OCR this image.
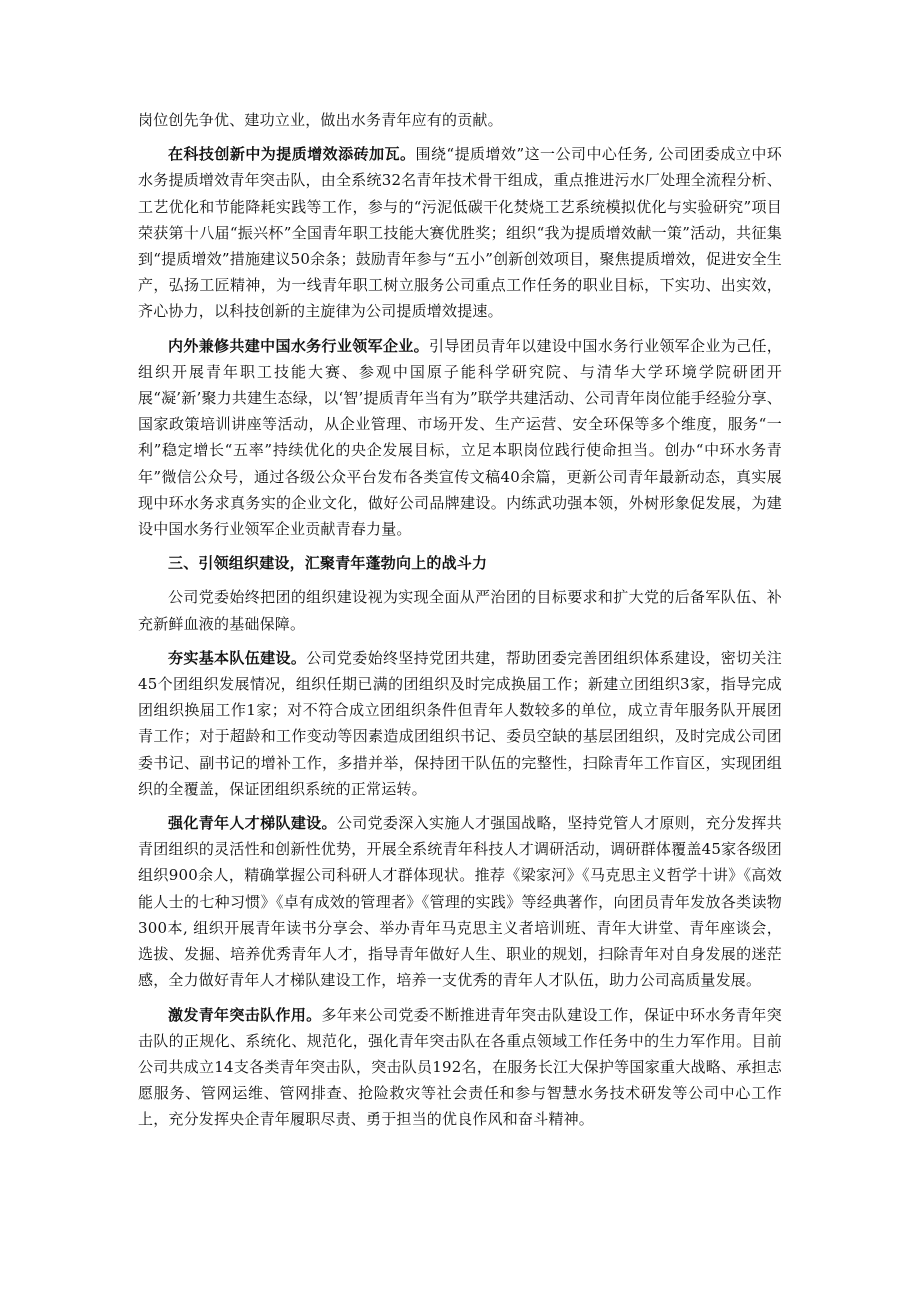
岗位创先争优、建功立业，做出水务青年应有的贡献。

在科技创新中为提质增效添砖加瓦。围绕“提质增效”这一公司中心任务, 公司团委成立中环水务提质增效青年突击队，由全系统32名青年技术骨干组成，重点推进污水厂处理全流程分析、工艺优化和节能降耗实践等工作，参与的“污泥低碳干化焚烧工艺系统模拟优化与实验研究”项目荣获第十八届“振兴杯”全国青年职工技能大赛优胜奖；组织“我为提质增效献一策”活动，共征集到“提质增效”措施建议50余条；鼓励青年参与“五小”创新创效项目，聚焦提质增效，促进安全生产，弘扬工匠精神，为一线青年职工树立服务公司重点工作任务的职业目标，下实功、出实效，齐心协力，以科技创新的主旋律为公司提质增效提速。

内外兼修共建中国水务行业领军企业。引导团员青年以建设中国水务行业领军企业为己任，组织开展青年职工技能大赛、参观中国原子能科学研究院、与清华大学环境学院研团开展“凝’新’聚力共建生态绿，以‘智’提质青年当有为”联学共建活动、公司青年岗位能手经验分享、国家政策培训讲座等活动，从企业管理、市场开发、生产运营、安全环保等多个维度，服务“一利”稳定增长“五率”持续优化的央企发展目标，立足本职岗位践行使命担当。创办“中环水务青年”微信公众号，通过各级公众平台发布各类宣传文稿40余篇，更新公司青年最新动态，真实展现中环水务求真务实的企业文化，做好公司品牌建设。内练武功强本领，外树形象促发展，为建设中国水务行业领军企业贡献青春力量。

三、引领组织建设，汇聚青年蓬勃向上的战斗力

公司党委始终把团的组织建设视为实现全面从严治团的目标要求和扩大党的后备军队伍、补充新鲜血液的基础保障。

夯实基本队伍建设。公司党委始终坚持党团共建，帮助团委完善团组织体系建设，密切关注45个团组织发展情况，组织任期已满的团组织及时完成换届工作；新建立团组织3家，指导完成团组织换届工作1家；对不符合成立团组织条件但青年人数较多的单位，成立青年服务队开展团青工作；对于超龄和工作变动等因素造成团组织书记、委员空缺的基层团组织，及时完成公司团委书记、副书记的增补工作，多措并举，保持团干队伍的完整性，扫除青年工作盲区，实现团组织的全覆盖，保证团组织系统的正常运转。

强化青年人才梯队建设。公司党委深入实施人才强国战略，坚持党管人才原则，充分发挥共青团组织的灵活性和创新性优势，开展全系统青年科技人才调研活动，调研群体覆盖45家各级团组织900余人，精确掌握公司科研人才群体现状。推荐《梁家河》《马克思主义哲学十讲》《高效能人士的七种习惯》《卓有成效的管理者》《管理的实践》等经典著作，向团员青年发放各类读物300本, 组织开展青年读书分享会、举办青年马克思主义者培训班、青年大讲堂、青年座谈会，选拔、发掘、培养优秀青年人才，指导青年做好人生、职业的规划，扫除青年对自身发展的迷茫感，全力做好青年人才梯队建设工作，培养一支优秀的青年人才队伍，助力公司高质量发展。

激发青年突击队作用。多年来公司党委不断推进青年突击队建设工作，保证中环水务青年突击队的正规化、系统化、规范化，强化青年突击队在各重点领域工作任务中的生力军作用。目前公司共成立14支各类青年突击队，突击队员192名，在服务长江大保护等国家重大战略、承担志愿服务、管网运维、管网排查、抢险救灾等社会责任和参与智慧水务技术研发等公司中心工作上，充分发挥央企青年履职尽责、勇于担当的优良作风和奋斗精神。
